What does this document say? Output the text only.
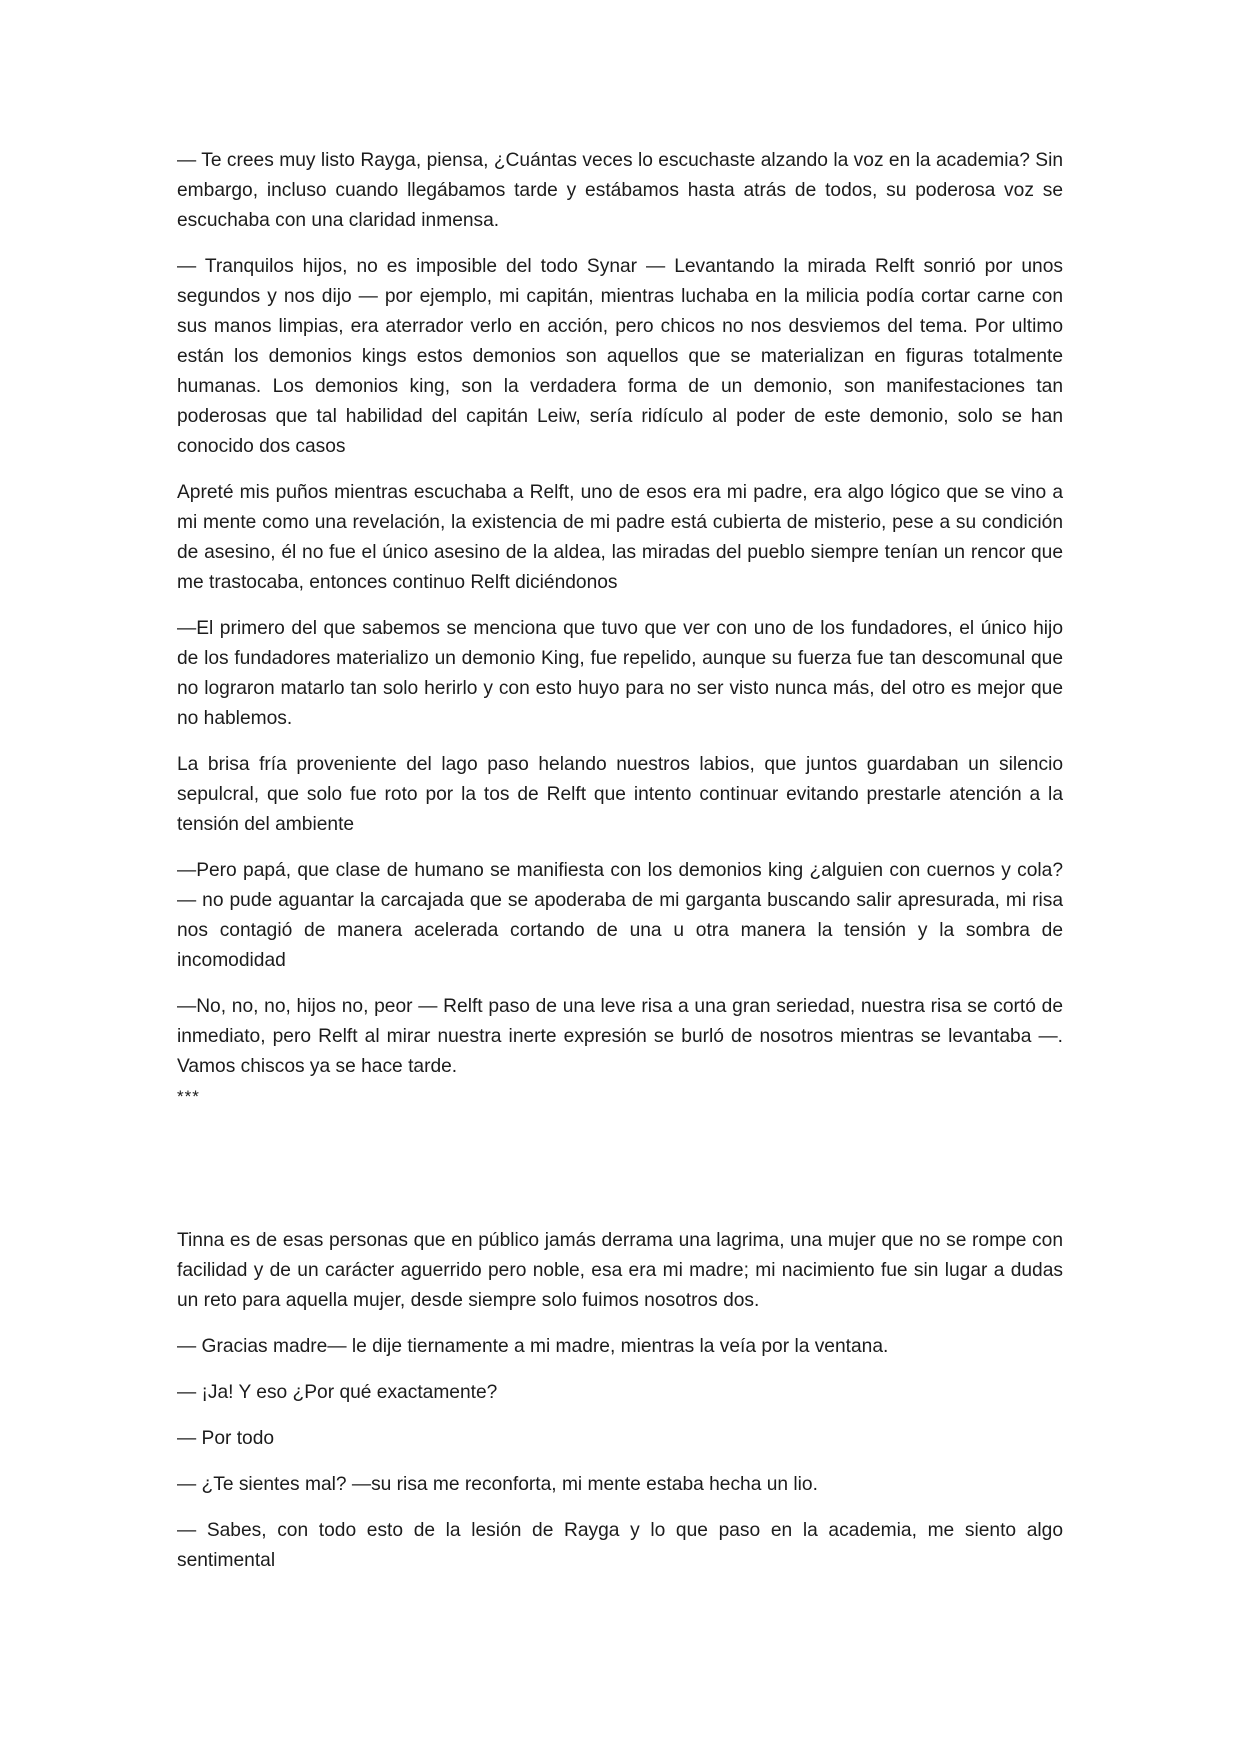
— Te crees muy listo Rayga, piensa, ¿Cuántas veces lo escuchaste alzando la voz en la academia? Sin embargo, incluso cuando llegábamos tarde y estábamos hasta atrás de todos, su poderosa voz se escuchaba con una claridad inmensa.

— Tranquilos hijos, no es imposible del todo Synar — Levantando la mirada Relft sonrió por unos segundos y nos dijo — por ejemplo, mi capitán, mientras luchaba en la milicia podía cortar carne con sus manos limpias, era aterrador verlo en acción, pero chicos no nos desviemos del tema. Por ultimo están los demonios kings estos demonios son aquellos que se materializan en figuras totalmente humanas. Los demonios king, son la verdadera forma de un demonio, son manifestaciones tan poderosas que tal habilidad del capitán Leiw, sería ridículo al poder de este demonio, solo se han conocido dos casos

Apreté mis puños mientras escuchaba a Relft, uno de esos era mi padre, era algo lógico que se vino a mi mente como una revelación, la existencia de mi padre está cubierta de misterio, pese a su condición de asesino, él no fue el único asesino de la aldea, las miradas del pueblo siempre tenían un rencor que me trastocaba, entonces continuo Relft diciéndonos

—El primero del que sabemos se menciona que tuvo que ver con uno de los fundadores, el único hijo de los fundadores materializo un demonio King, fue repelido, aunque su fuerza fue tan descomunal que no lograron matarlo tan solo herirlo y con esto huyo para no ser visto nunca más, del otro es mejor que no hablemos.

La brisa fría proveniente del lago paso helando nuestros labios, que juntos guardaban un silencio sepulcral, que solo fue roto por la tos de Relft que intento continuar evitando prestarle atención a la tensión del ambiente

—Pero papá, que clase de humano se manifiesta con los demonios king ¿alguien con cuernos y cola? — no pude aguantar la carcajada que se apoderaba de mi garganta buscando salir apresurada, mi risa nos contagió de manera acelerada cortando de una u otra manera la tensión y la sombra de incomodidad

—No, no, no, hijos no, peor — Relft paso de una leve risa a una gran seriedad, nuestra risa se cortó de inmediato, pero Relft al mirar nuestra inerte expresión se burló de nosotros mientras se levantaba —. Vamos chiscos ya se hace tarde.

***

Tinna es de esas personas que en público jamás derrama una lagrima, una mujer que no se rompe con facilidad y de un carácter aguerrido pero noble, esa era mi madre; mi nacimiento fue sin lugar a dudas un reto para aquella mujer, desde siempre solo fuimos nosotros dos.

— Gracias madre— le dije tiernamente a mi madre, mientras la veía por la ventana.

— ¡Ja! Y eso ¿Por qué exactamente?

— Por todo

— ¿Te sientes mal? —su risa me reconforta, mi mente estaba hecha un lio.

— Sabes, con todo esto de la lesión de Rayga y lo que paso en la academia, me siento algo sentimental
